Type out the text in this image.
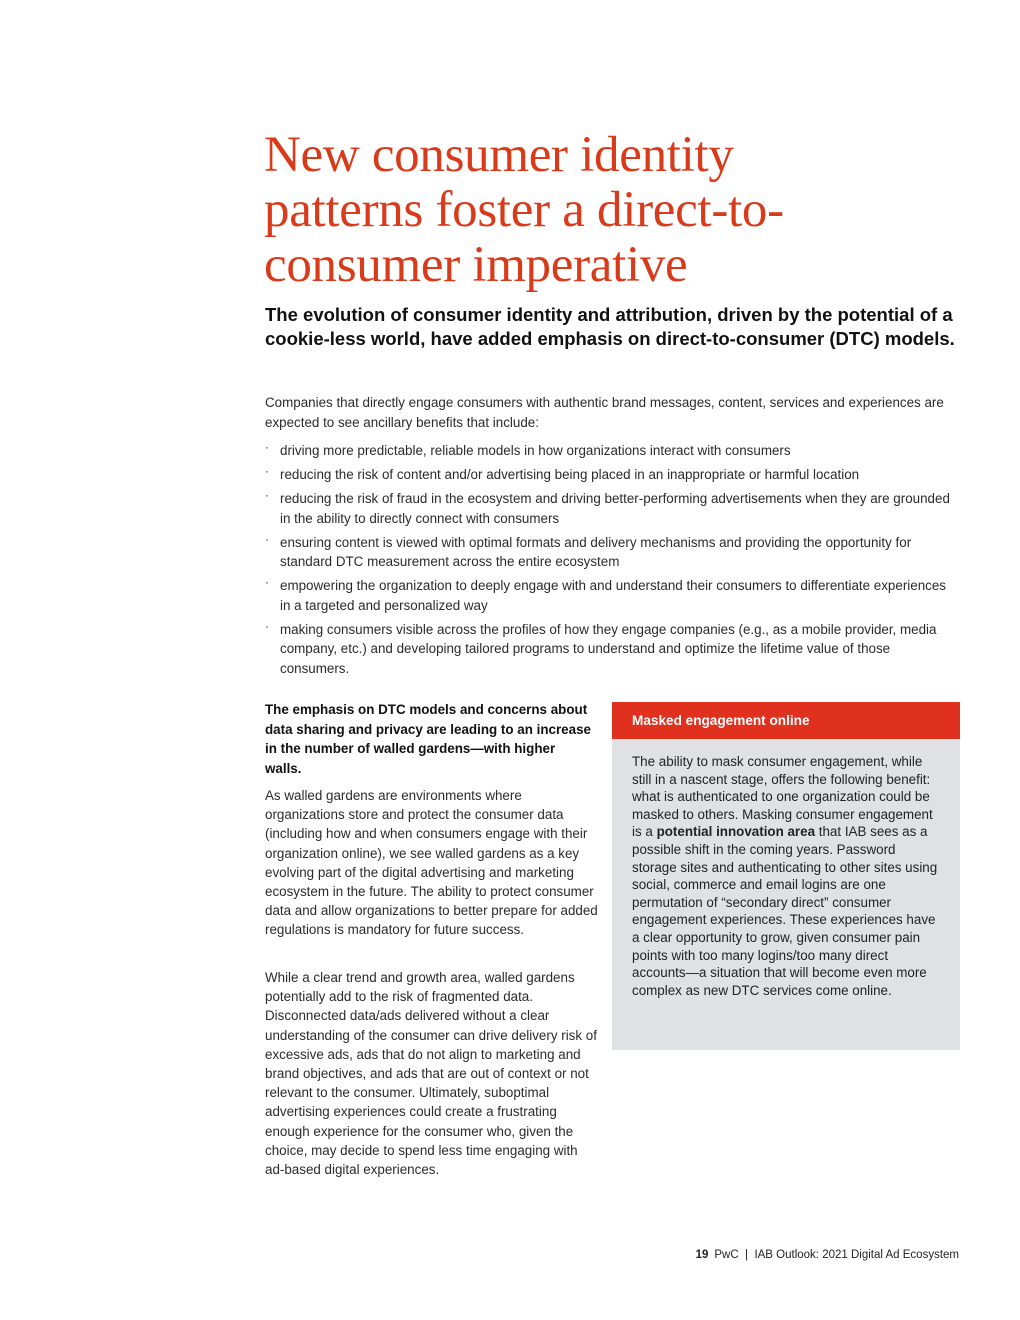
New consumer identity patterns foster a direct-to-consumer imperative

The evolution of consumer identity and attribution, driven by the potential of a cookie-less world, have added emphasis on direct-to-consumer (DTC) models.

Companies that directly engage consumers with authentic brand messages, content, services and experiences are expected to see ancillary benefits that include:

· driving more predictable, reliable models in how organizations interact with consumers
· reducing the risk of content and/or advertising being placed in an inappropriate or harmful location
· reducing the risk of fraud in the ecosystem and driving better-performing advertisements when they are grounded in the ability to directly connect with consumers
· ensuring content is viewed with optimal formats and delivery mechanisms and providing the opportunity for standard DTC measurement across the entire ecosystem
· empowering the organization to deeply engage with and understand their consumers to differentiate experiences in a targeted and personalized way
· making consumers visible across the profiles of how they engage companies (e.g., as a mobile provider, media company, etc.) and developing tailored programs to understand and optimize the lifetime value of those consumers.

The emphasis on DTC models and concerns about data sharing and privacy are leading to an increase in the number of walled gardens—with higher walls.

As walled gardens are environments where organizations store and protect the consumer data (including how and when consumers engage with their organization online), we see walled gardens as a key evolving part of the digital advertising and marketing ecosystem in the future. The ability to protect consumer data and allow organizations to better prepare for added regulations is mandatory for future success.

While a clear trend and growth area, walled gardens potentially add to the risk of fragmented data. Disconnected data/ads delivered without a clear understanding of the consumer can drive delivery risk of excessive ads, ads that do not align to marketing and brand objectives, and ads that are out of context or not relevant to the consumer. Ultimately, suboptimal advertising experiences could create a frustrating enough experience for the consumer who, given the choice, may decide to spend less time engaging with ad-based digital experiences.

Masked engagement online
The ability to mask consumer engagement, while still in a nascent stage, offers the following benefit: what is authenticated to one organization could be masked to others. Masking consumer engagement is a potential innovation area that IAB sees as a possible shift in the coming years. Password storage sites and authenticating to other sites using social, commerce and email logins are one permutation of “secondary direct” consumer engagement experiences. These experiences have a clear opportunity to grow, given consumer pain points with too many logins/too many direct accounts—a situation that will become even more complex as new DTC services come online.
19 PwC  |  IAB Outlook: 2021 Digital Ad Ecosystem
